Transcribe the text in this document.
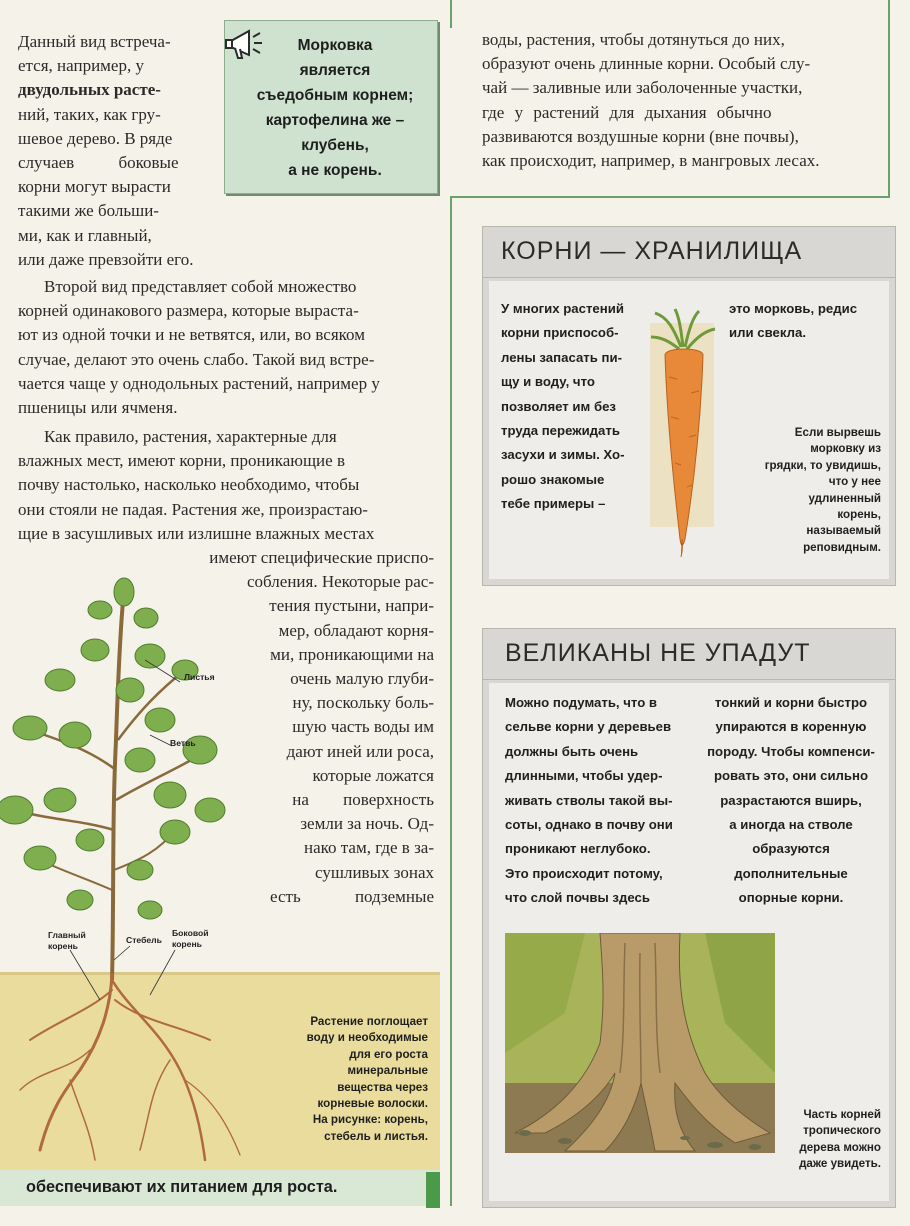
Данный вид встреча-
ется, например, у
двудольных расте-
ний, таких, как гру-
шевое дерево. В ряде
случаев боковые
корни могут вырасти
такими же больши-
ми, как и главный,
или даже превзойти его.
Морковка
является
съедобным корнем;
картофелина же –
клубень,
а не корень.
Второй вид представляет собой множество
корней одинакового размера, которые выраста-
ют из одной точки и не ветвятся, или, во всяком
случае, делают это очень слабо. Такой вид встре-
чается чаще у однодольных растений, например у
пшеницы или ячменя.
Как правило, растения, характерные для
влажных мест, имеют корни, проникающие в
почву настолько, насколько необходимо, чтобы
они стояли не падая. Растения же, произрастаю-
щие в засушливых или излишне влажных местах
имеют специфические приспо-
собления. Некоторые рас-
тения пустыни, напри-
мер, обладают корня-
ми, проникающими на
очень малую глуби-
ну, поскольку боль-
шую часть воды им
дают иней или роса,
которые ложатся
на поверхность
земли за ночь. Од-
нако там, где в за-
сушливых зонах
есть подземные
Листья
Ветвь
Главный
корень
Стебель
Боковой
корень
Растение поглощает
воду и необходимые
для его роста
минеральные
вещества через
корневые волоски.
На рисунке: корень,
стебель и листья.
обеспечивают их питанием для роста.
воды, растения, чтобы дотянуться до них,
образуют очень длинные корни. Особый слу-
чай — заливные или заболоченные участки,
где у растений для дыхания обычно
развиваются воздушные корни (вне почвы),
как происходит, например, в мангровых лесах.
КОРНИ — ХРАНИЛИЩА
У многих растений
корни приспособ-
лены запасать пи-
щу и воду, что
позволяет им без
труда пережидать
засухи и зимы. Хо-
рошо знакомые
тебе примеры –
это морковь, редис
или свекла.
Если вырвешь
морковку из
грядки, то увидишь,
что у нее
удлиненный
корень,
называемый
реповидным.
ВЕЛИКАНЫ НЕ УПАДУТ
Можно подумать, что в
сельве корни у деревьев
должны быть очень
длинными, чтобы удер-
живать стволы такой вы-
соты, однако в почву они
проникают неглубоко.
Это происходит потому,
что слой почвы здесь
тонкий и корни быстро
упираются в коренную
породу. Чтобы компенси-
ровать это, они сильно
разрастаются вширь,
а иногда на стволе
образуются
дополнительные
опорные корни.
Часть корней
тропического
дерева можно
даже увидеть.
